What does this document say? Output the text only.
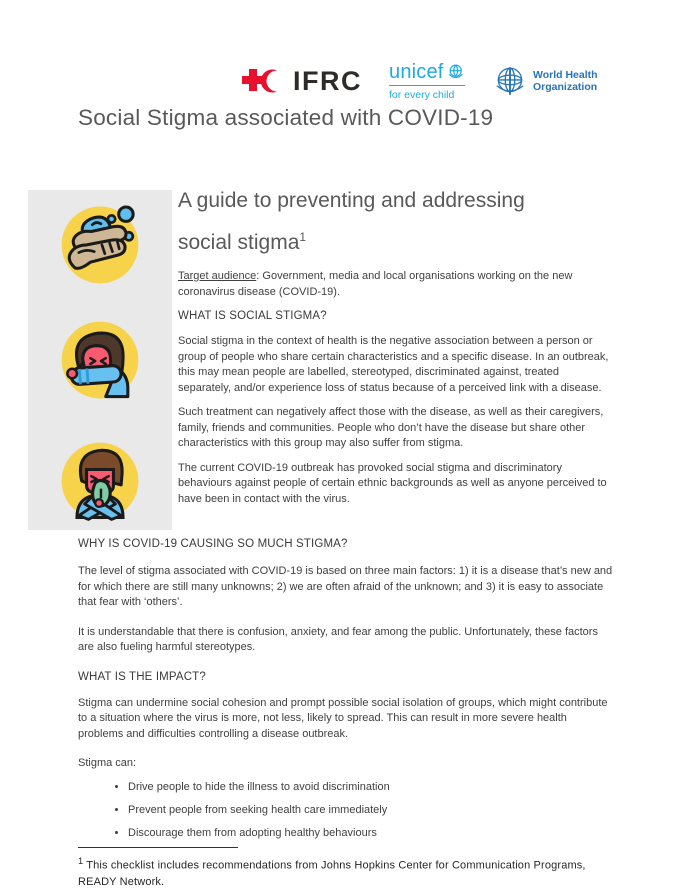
IFRC unicef
for every child
World Health
Organization
Social Stigma associated with COVID-19
A guide to preventing and addressing social stigma$^1$

Target audience: Government, media and local organisations working on the new coronavirus disease (COVID-19).

WHAT IS SOCIAL STIGMA?

Social stigma in the context of health is the negative association between a person or group of people who share certain characteristics and a specific disease. In an outbreak, this may mean people are labelled, stereotyped, discriminated against, treated separately, and/or experience loss of status because of a perceived link with a disease.

Such treatment can negatively affect those with the disease, as well as their caregivers, family, friends and communities. People who don’t have the disease but share other characteristics with this group may also suffer from stigma.

The current COVID-19 outbreak has provoked social stigma and discriminatory behaviours against people of certain ethnic backgrounds as well as anyone perceived to have been in contact with the virus.

WHY IS COVID-19 CAUSING SO MUCH STIGMA?

The level of stigma associated with COVID-19 is based on three main factors: 1) it is a disease that’s new and for which there are still many unknowns; 2) we are often afraid of the unknown; and 3) it is easy to associate that fear with ‘others’.

It is understandable that there is confusion, anxiety, and fear among the public. Unfortunately, these factors are also fueling harmful stereotypes.

WHAT IS THE IMPACT?

Stigma can undermine social cohesion and prompt possible social isolation of groups, which might contribute to a situation where the virus is more, not less, likely to spread. This can result in more severe health problems and difficulties controlling a disease outbreak.

Stigma can:

• Drive people to hide the illness to avoid discrimination
• Prevent people from seeking health care immediately
• Discourage them from adopting healthy behaviours

$^1$ This checklist includes recommendations from Johns Hopkins Center for Communication Programs, READY Network.
